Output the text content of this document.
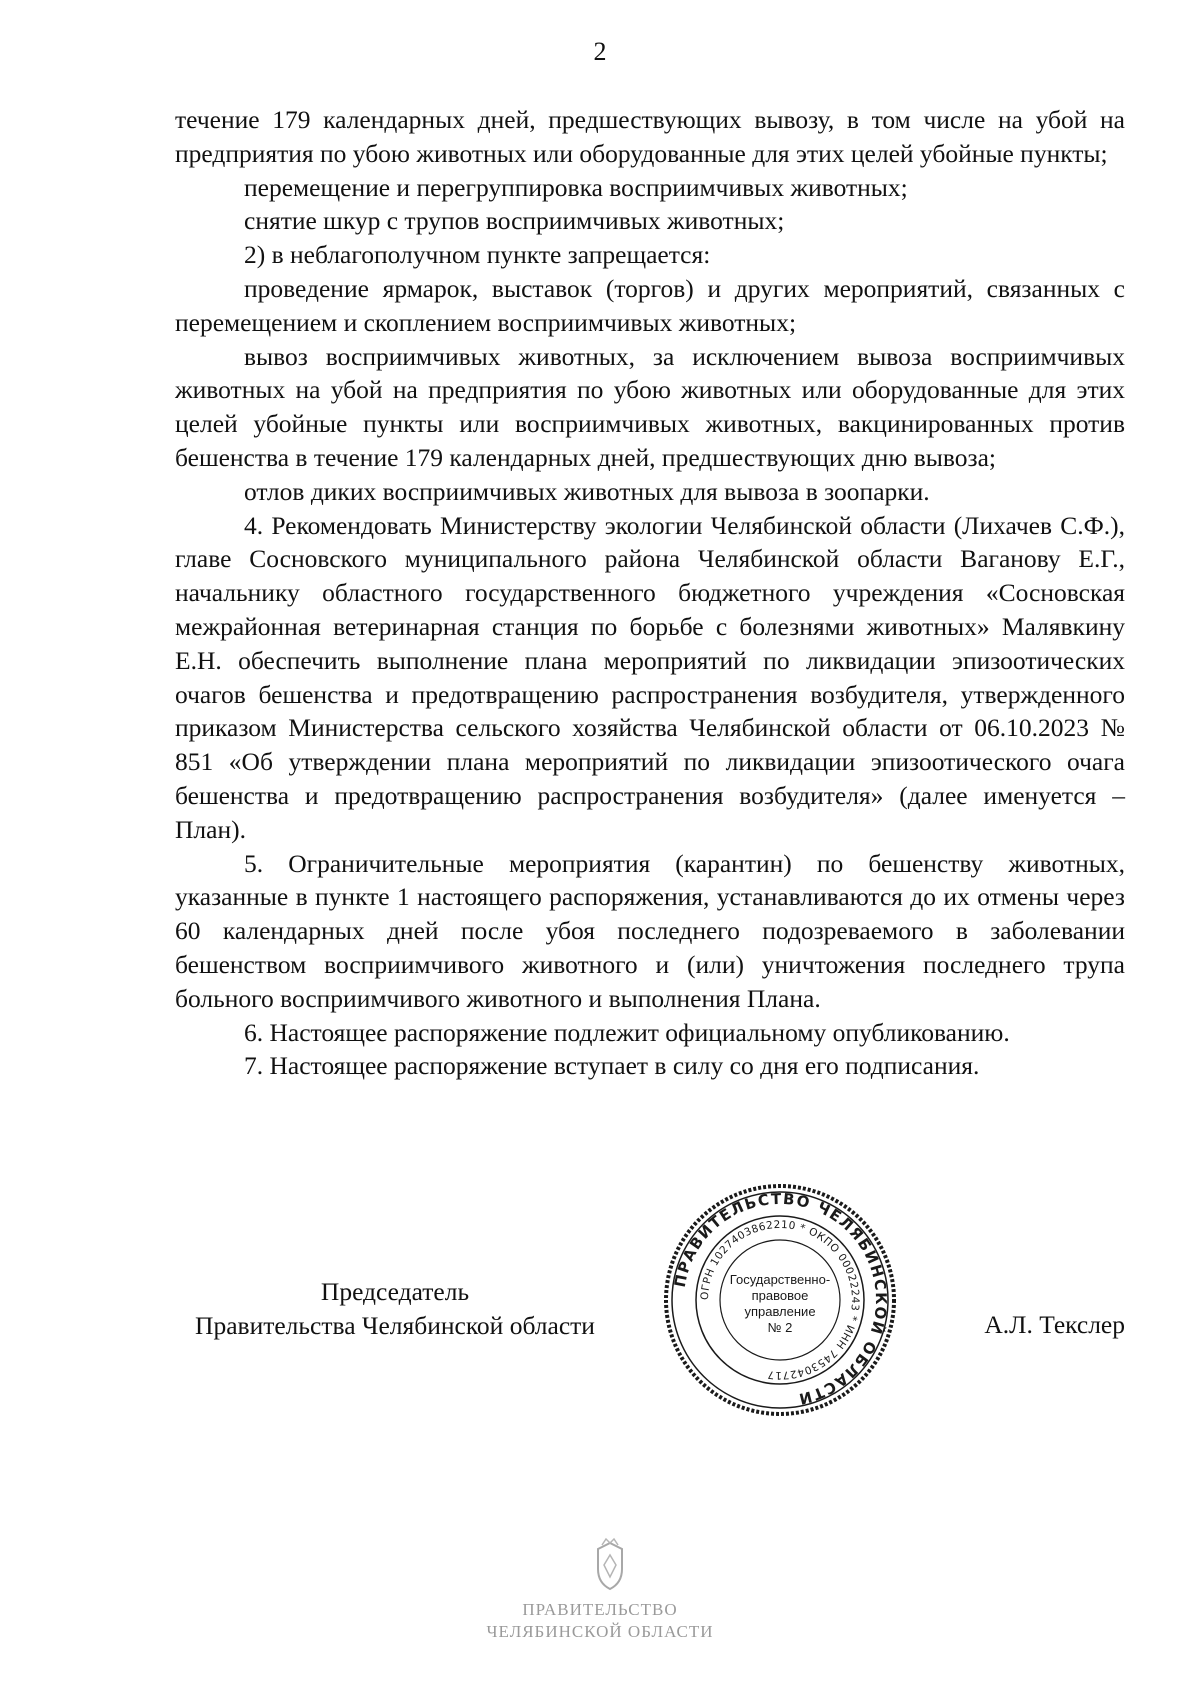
2

течение 179 календарных дней, предшествующих вывозу, в том числе на убой на предприятия по убою животных или оборудованные для этих целей убойные пункты;

перемещение и перегруппировка восприимчивых животных;

снятие шкур с трупов восприимчивых животных;

2) в неблагополучном пункте запрещается:

проведение ярмарок, выставок (торгов) и других мероприятий, связанных с перемещением и скоплением восприимчивых животных;

вывоз восприимчивых животных, за исключением вывоза восприимчивых животных на убой на предприятия по убою животных или оборудованные для этих целей убойные пункты или восприимчивых животных, вакцинированных против бешенства в течение 179 календарных дней, предшествующих дню вывоза;

отлов диких восприимчивых животных для вывоза в зоопарки.

4. Рекомендовать Министерству экологии Челябинской области (Лихачев С.Ф.), главе Сосновского муниципального района Челябинской области Ваганову Е.Г., начальнику областного государственного бюджетного учреждения «Сосновская межрайонная ветеринарная станция по борьбе с болезнями животных» Малявкину Е.Н. обеспечить выполнение плана мероприятий по ликвидации эпизоотических очагов бешенства и предотвращению распространения возбудителя, утвержденного приказом Министерства сельского хозяйства Челябинской области от 06.10.2023 № 851 «Об утверждении плана мероприятий по ликвидации эпизоотического очага бешенства и предотвращению распространения возбудителя» (далее именуется – План).

5. Ограничительные мероприятия (карантин) по бешенству животных, указанные в пункте 1 настоящего распоряжения, устанавливаются до их отмены через 60 календарных дней после убоя последнего подозреваемого в заболевании бешенством восприимчивого животного и (или) уничтожения последнего трупа больного восприимчивого животного и выполнения Плана.

6. Настоящее распоряжение подлежит официальному опубликованию.

7. Настоящее распоряжение вступает в силу со дня его подписания.

Председатель
Правительства Челябинской области	А.Л. Текслер
ПРАВИТЕЛЬСТВО ЧЕЛЯБИНСКОЙ ОБЛАСТИ
ОГРН 1027403862210 * ОКПО 00022243 * ИНН 7453042717
Государственно-
правовое
управление
№ 2
ПРАВИТЕЛЬСТВО
ЧЕЛЯБИНСКОЙ ОБЛАСТИ
